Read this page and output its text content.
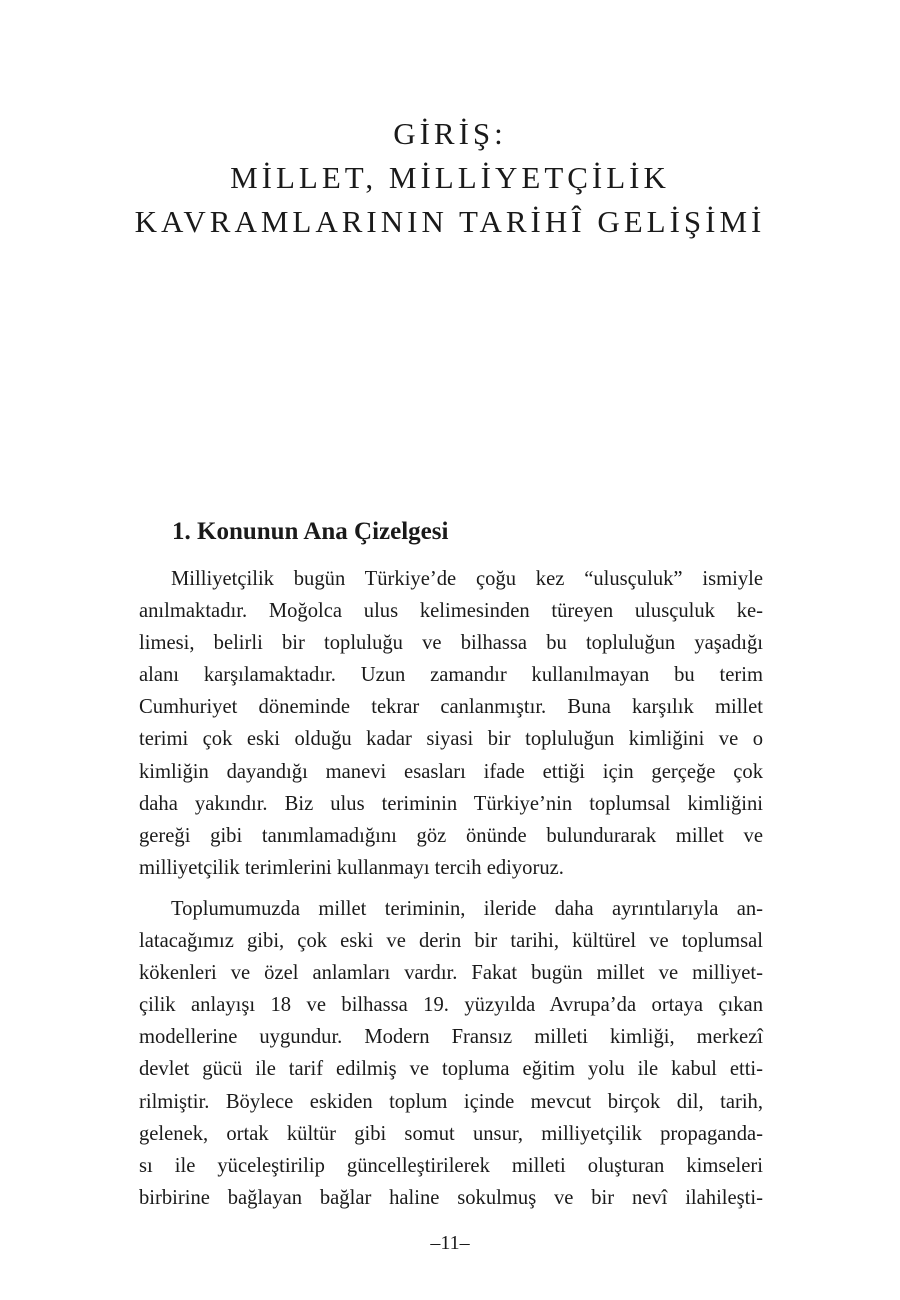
GİRİŞ:
MİLLET, MİLLİYETÇİLİK
KAVRAMLARININ TARİHÎ GELİŞİMİ
1. Konunun Ana Çizelgesi

Milliyetçilik bugün Türkiye’de çoğu kez “ulusçuluk” ismiyle
anılmaktadır. Moğolca ulus kelimesinden türeyen ulusçuluk ke-
limesi, belirli bir topluluğu ve bilhassa bu topluluğun yaşadığı
alanı karşılamaktadır. Uzun zamandır kullanılmayan bu terim
Cumhuriyet döneminde tekrar canlanmıştır. Buna karşılık millet
terimi çok eski olduğu kadar siyasi bir topluluğun kimliğini ve o
kimliğin dayandığı manevi esasları ifade ettiği için gerçeğe çok
daha yakındır. Biz ulus teriminin Türkiye’nin toplumsal kimliğini
gereği gibi tanımlamadığını göz önünde bulundurarak millet ve
milliyetçilik terimlerini kullanmayı tercih ediyoruz.

Toplumumuzda millet teriminin, ileride daha ayrıntılarıyla an-
latacağımız gibi, çok eski ve derin bir tarihi, kültürel ve toplumsal
kökenleri ve özel anlamları vardır. Fakat bugün millet ve milliyet-
çilik anlayışı 18 ve bilhassa 19. yüzyılda Avrupa’da ortaya çıkan
modellerine uygundur. Modern Fransız milleti kimliği, merkezî
devlet gücü ile tarif edilmiş ve topluma eğitim yolu ile kabul etti-
rilmiştir. Böylece eskiden toplum içinde mevcut birçok dil, tarih,
gelenek, ortak kültür gibi somut unsur, milliyetçilik propaganda-
sı ile yüceleştirilip güncelleştirilerek milleti oluşturan kimseleri
birbirine bağlayan bağlar haline sokulmuş ve bir nevî ilahileşti-

–11–
